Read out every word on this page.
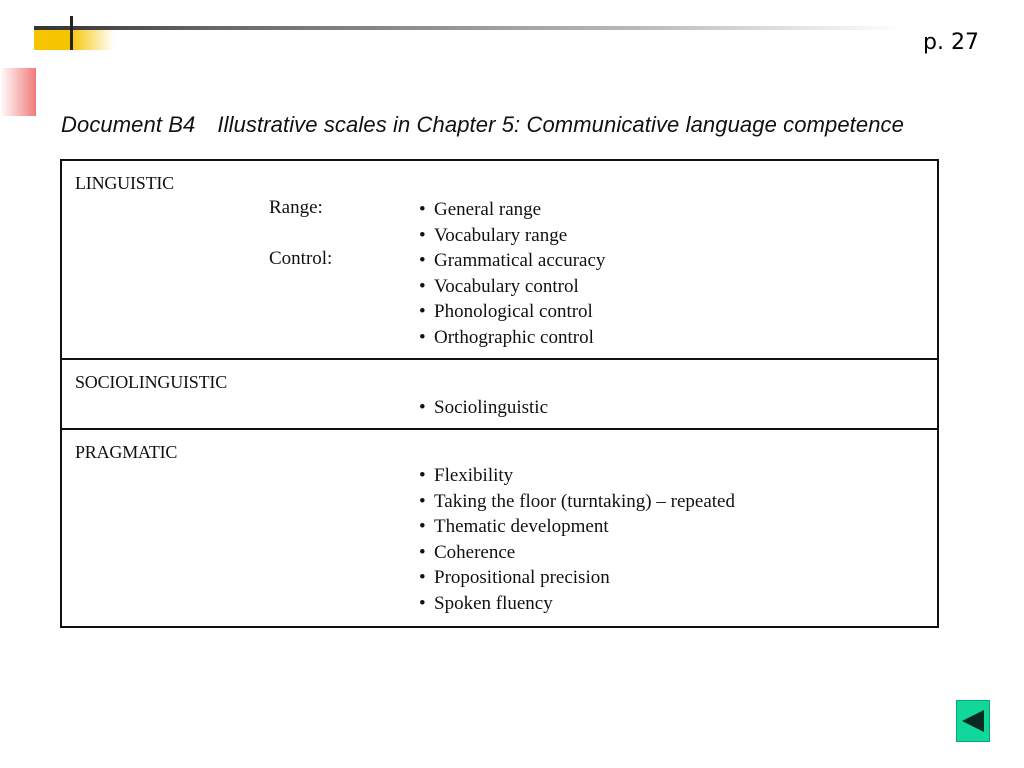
p. 27
Document B4 Illustrative scales in Chapter 5: Communicative language competence
LINGUISTIC
Range:	• General range
• Vocabulary range
Control:	• Grammatical accuracy
• Vocabulary control
• Phonological control
• Orthographic control
SOCIOLINGUISTIC
• Sociolinguistic
PRAGMATIC
• Flexibility
• Taking the floor (turntaking) – repeated
• Thematic development
• Coherence
• Propositional precision
• Spoken fluency
